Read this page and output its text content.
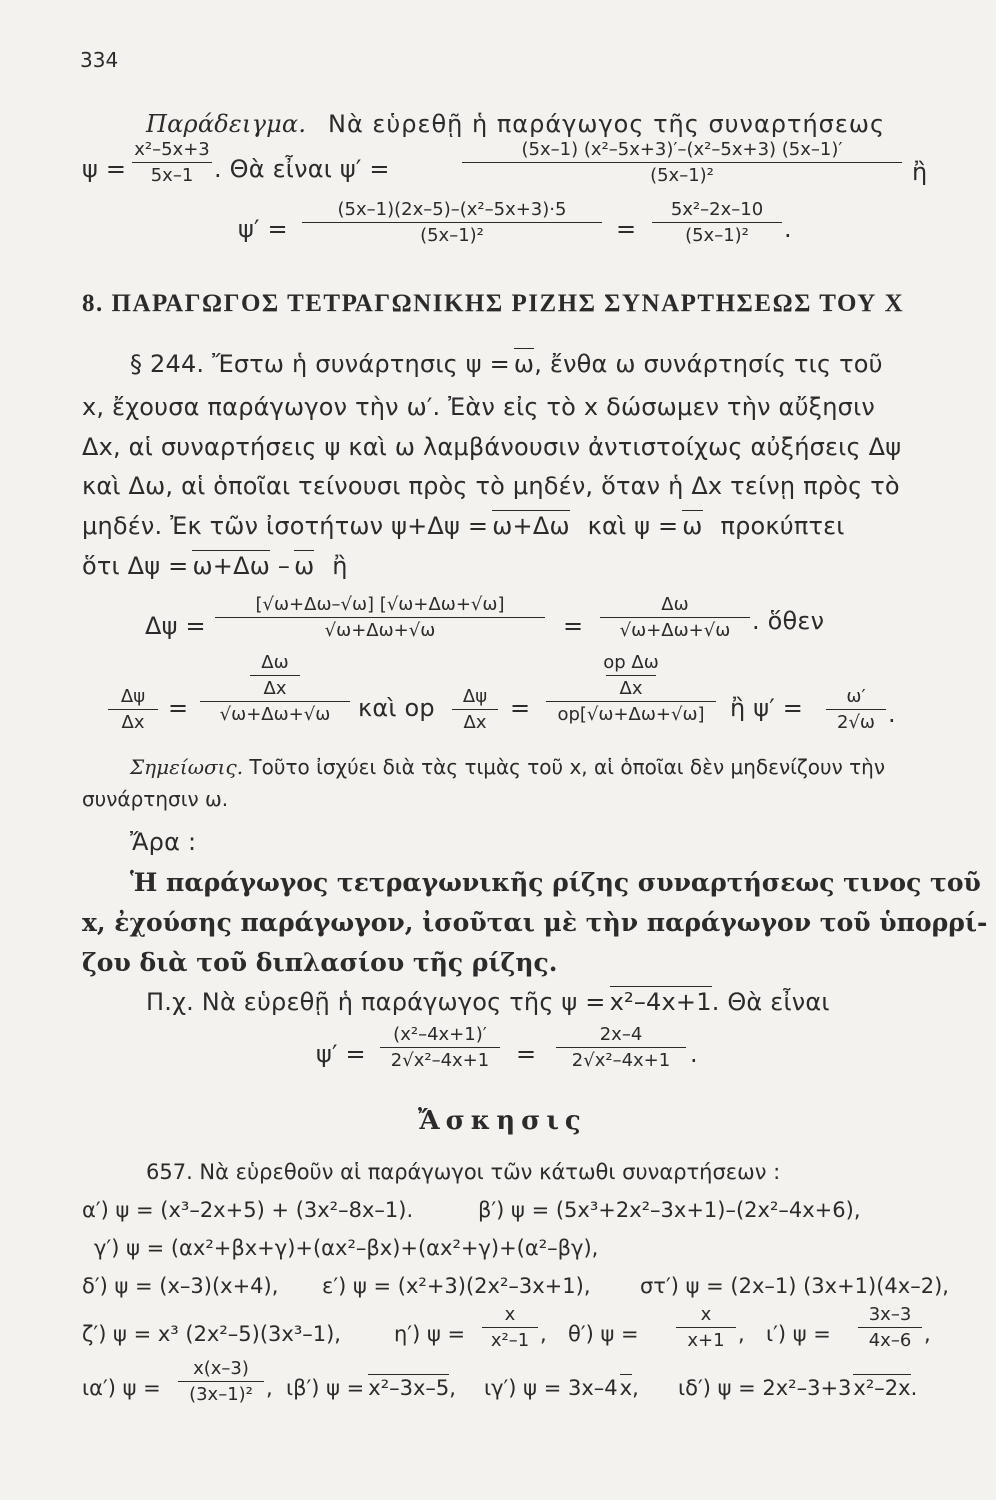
334
Παράδειγμα. Νὰ εὑρεθῇ ἡ παράγωγος τῆς συναρτήσεως
ψ =
x²–5x+3
5x–1 . Θὰ εἶναι ψ′ =
(5x–1) (x²–5x+3)′–(x²–5x+3) (5x–1)′
(5x–1)²	ἢ
ψ′ =
(5x–1)(2x–5)–(x²–5x+3)·5
(5x–1)²	=
5x²–2x–10
(5x–1)²	.
8. ΠΑΡΑΓΩΓΟΣ ΤΕΤΡΑΓΩΝΙΚΗΣ ΡΙΖΗΣ ΣΥΝΑΡΤΗΣΕΩΣ ΤΟΥ Χ
§ 244. Ἔστω ἡ συνάρτησις ψ = ω, ἔνθα ω συνάρτησίς τις τοῦ
x, ἔχουσα παράγωγον τὴν ω′. Ἐὰν εἰς τὸ x δώσωμεν τὴν αὔξησιν
Δx, αἱ συναρτήσεις ψ καὶ ω λαμβάνουσιν ἀντιστοίχως αὐξήσεις Δψ
καὶ Δω, αἱ ὁποῖαι τείνουσι πρὸς τὸ μηδέν, ὅταν ἡ Δx τείνῃ πρὸς τὸ
μηδέν. Ἐκ τῶν ἰσοτήτων ψ+Δψ = ω+Δω καὶ ψ = ω προκύπτει
ὅτι Δψ = ω+Δω – ω ἢ
Δψ =
[√ω+Δω–√ω] [√ω+Δω+√ω]
√ω+Δω+√ω	=
Δω
√ω+Δω+√ω . ὅθεν
Δψ
Δx
=
Δω
Δx
√ω+Δω+√ω	καὶ op	Δψ
Δx
=
op Δω
Δx
op[√ω+Δω+√ω]	ἢ ψ′ =	ω′
2√ω .
Σημείωσις. Τοῦτο ἰσχύει διὰ τὰς τιμὰς τοῦ x, αἱ ὁποῖαι δὲν μηδενίζουν τὴν
συνάρτησιν ω.
Ἄρα :
Ἡ παράγωγος τετραγωνικῆς ρίζης συναρτήσεως τινος τοῦ
x, ἐχούσης παράγωγον, ἰσοῦται μὲ τὴν παράγωγον τοῦ ὑπορρί-
ζου διὰ τοῦ διπλασίου τῆς ρίζης.
Π.χ. Νὰ εὑρεθῇ ἡ παράγωγος τῆς ψ = x²–4x+1. Θὰ εἶναι
ψ′ =
(x²–4x+1)′
2√x²–4x+1	=
2x–4
2√x²–4x+1 .
Ἄσκησις
657. Νὰ εὑρεθοῦν αἱ παράγωγοι τῶν κάτωθι συναρτήσεων :
α′) ψ = (x³–2x+5) + (3x²–8x–1).	β′) ψ = (5x³+2x²–3x+1)–(2x²–4x+6),
γ′) ψ = (αx²+βx+γ)+(αx²–βx)+(αx²+γ)+(α²–βγ),
δ′) ψ = (x–3)(x+4), ε′) ψ = (x²+3)(2x²–3x+1), στ′) ψ = (2x–1) (3x+1)(4x–2),
ζ′) ψ = x³ (2x²–5)(3x³–1),	η′) ψ =
x
x²–1 , θ′) ψ =
x
x+1 , ι′) ψ =
3x–3
4x–6 ,
ια′) ψ =
x(x–3)
(3x–1)² , ιβ′) ψ = x²–3x–5, ιγ′) ψ = 3x–4x, ιδ′) ψ = 2x²–3+3x²–2x.
